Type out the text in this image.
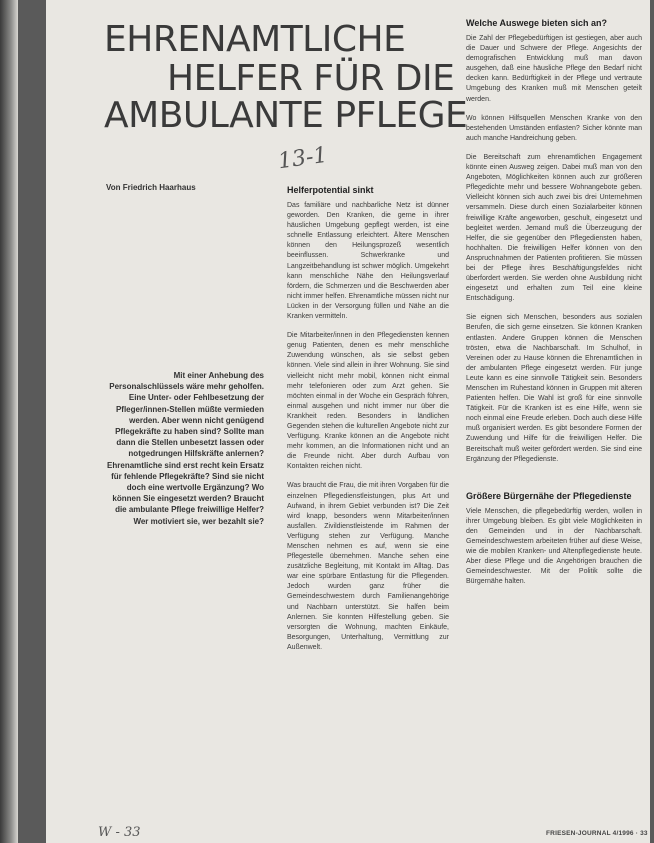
EHRENAMTLICHE
HELFER FÜR DIE
AMBULANTE PFLEGE
13-1
Von Friedrich Haarhaus
Mit einer Anhebung des Personalschlüssels wäre mehr geholfen. Eine Unter- oder Fehlbesetzung der Pfleger/innen-Stellen müßte vermieden werden. Aber wenn nicht genügend Pflegekräfte zu haben sind? Sollte man dann die Stellen unbesetzt lassen oder notgedrungen Hilfskräfte anlernen? Ehrenamtliche sind erst recht kein Ersatz für fehlende Pflegekräfte? Sind sie nicht doch eine wertvolle Ergänzung? Wo können Sie eingesetzt werden? Braucht die ambulante Pflege freiwillige Helfer? Wer motiviert sie, wer bezahlt sie?
Helferpotential sinkt

Das familiäre und nachbarliche Netz ist dünner geworden. Den Kranken, die gerne in ihrer häuslichen Umgebung gepflegt werden, ist eine schnelle Entlassung erleichtert. Ältere Menschen können den Heilungsprozeß wesentlich beeinflussen. Schwerkranke und Langzeitbehandlung ist schwer möglich. Umgekehrt kann menschliche Nähe den Heilungsverlauf fördern, die Schmerzen und die Beschwerden aber nicht immer helfen. Ehrenamtliche müssen nicht nur Lücken in der Versorgung füllen und Nähe an die Kranken vermitteln.

Die Mitarbeiter/innen in den Pflegediensten kennen genug Patienten, denen es mehr menschliche Zuwendung wünschen, als sie selbst geben können. Viele sind allein in ihrer Wohnung. Sie sind vielleicht nicht mehr mobil, können nicht einmal mehr telefonieren oder zum Arzt gehen. Sie möchten einmal in der Woche ein Gespräch führen, einmal ausgehen und nicht immer nur über die Krankheit reden. Besonders in ländlichen Gegenden stehen die kulturellen Angebote nicht zur Verfügung. Kranke können an die Angebote nicht mehr kommen, an die Informationen nicht und an die Freunde nicht. Aber durch Aufbau von Kontakten reichen nicht.

Was braucht die Frau, die mit ihren Vorgaben für die einzelnen Pflegedienstleistungen, plus Art und Aufwand, in ihrem Gebiet verbunden ist? Die Zeit wird knapp, besonders wenn Mitarbeiter/innen ausfallen. Zivildienstleistende im Rahmen der Verfügung stehen zur Verfügung. Manche Menschen nehmen es auf, wenn sie eine Pflegestelle übernehmen. Manche sehen eine zusätzliche Begleitung, mit Kontakt im Alltag. Das war eine spürbare Entlastung für die Pflegenden. Jedoch wurden ganz früher die Gemeindeschwestern durch Familienangehörige und Nachbarn unterstützt. Sie halfen beim Anlernen. Sie konnten Hilfestellung geben. Sie versorgten die Wohnung, machten Einkäufe, Besorgungen, Unterhaltung, Vermittlung zur Außenwelt.

Welche Auswege bieten sich an?

Die Zahl der Pflegebedürftigen ist gestiegen, aber auch die Dauer und Schwere der Pflege. Angesichts der demografischen Entwicklung muß man davon ausgehen, daß eine häusliche Pflege den Bedarf nicht decken kann. Bedürftigkeit in der Pflege und vertraute Umgebung des Kranken muß mit Menschen geteilt werden.

Wo können Hilfsquellen Menschen Kranke von den bestehenden Umständen entlasten? Sicher könnte man auch manche Handreichung geben.

Die Bereitschaft zum ehrenamtlichen Engagement könnte einen Ausweg zeigen. Dabei muß man von den Angeboten, Möglichkeiten können auch zur größeren Pflegedichte mehr und bessere Wohnangebote geben. Vielleicht können sich auch zwei bis drei Unternehmen versammeln. Diese durch einen Sozialarbeiter können freiwillige Kräfte angeworben, geschult, eingesetzt und begleitet werden. Jemand muß die Überzeugung der Helfer, die sie gegenüber den Pflegediensten haben, hochhalten. Die freiwilligen Helfer können von den Anspruchnahmen der Patienten profitieren. Sie müssen bei der Pflege ihres Beschäftigungsfeldes nicht überfordert werden. Sie werden ohne Ausbildung nicht eingesetzt und erhalten zum Teil eine kleine Entschädigung.

Sie eignen sich Menschen, besonders aus sozialen Berufen, die sich gerne einsetzen. Sie können Kranken entlasten. Andere Gruppen können die Menschen trösten, etwa die Nachbarschaft. Im Schulhof, in Vereinen oder zu Hause können die Ehrenamtlichen in der ambulanten Pflege eingesetzt werden. Für junge Leute kann es eine sinnvolle Tätigkeit sein. Besonders Menschen im Ruhestand können in Gruppen mit älteren Patienten helfen. Die Wahl ist groß für eine sinnvolle Tätigkeit. Für die Kranken ist es eine Hilfe, wenn sie noch einmal eine Freude erleben. Doch auch diese Hilfe muß organisiert werden. Es gibt besondere Formen der Zuwendung und Hilfe für die freiwilligen Helfer. Die Bereitschaft muß weiter gefördert werden. Sie sind eine Ergänzung der Pflegedienste.

Größere Bürgernähe der Pflegedienste

Viele Menschen, die pflegebedürftig werden, wollen in ihrer Umgebung bleiben. Es gibt viele Möglichkeiten in den Gemeinden und in der Nachbarschaft. Gemeindeschwestern arbeiteten früher auf diese Weise, wie die mobilen Kranken- und Altenpflegedienste heute. Aber diese Pflege und die Angehörigen brauchen die Gemeindeschwester. Mit der Politik sollte die Bürgernähe halten.

W - 33	FRIESEN-JOURNAL 4/1996 · 33
